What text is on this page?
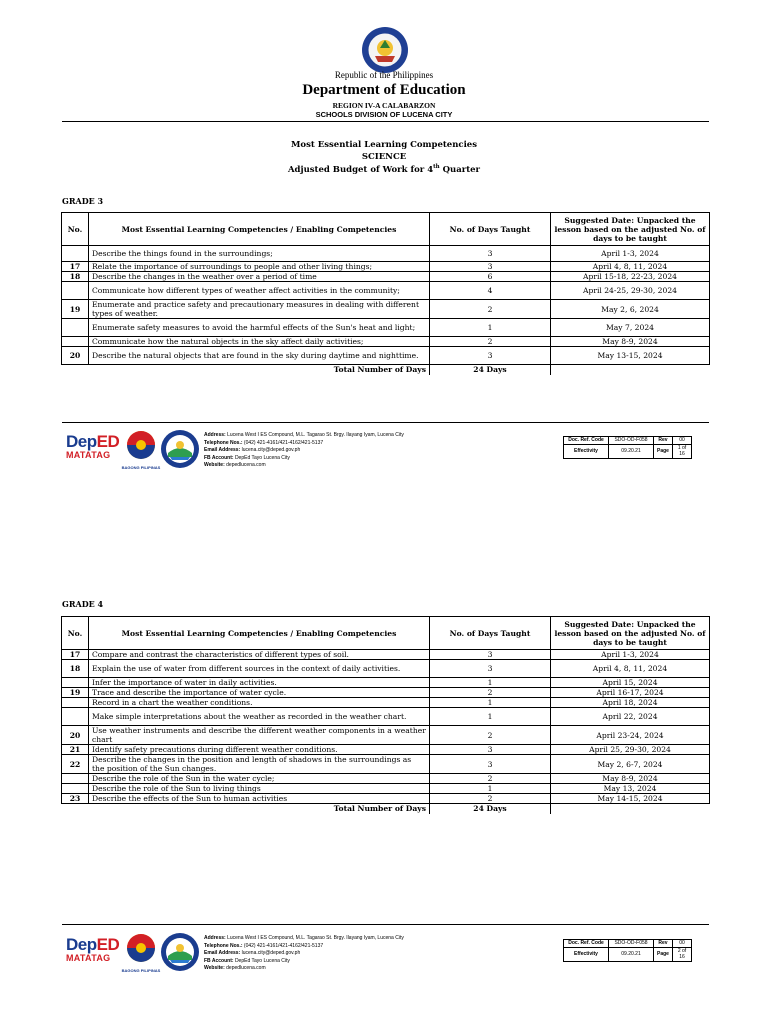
Republic of the Philippines
Department of Education
REGION IV-A CALABARZON
SCHOOLS DIVISION OF LUCENA CITY
Most Essential Learning Competencies
SCIENCE
Adjusted Budget of Work for 4th Quarter
GRADE 3
No.	Most Essential Learning Competencies / Enabling Competencies	No. of Days Taught	Suggested Date: Unpacked the lesson based on the adjusted No. of days to be taught
	Describe the things found in the surroundings;	3	April 1-3, 2024
17	Relate the importance of surroundings to people and other living things;	3	April 4, 8, 11, 2024
18	Describe the changes in the weather over a period of time	6	April 15-18, 22-23, 2024
	Communicate how different types of weather affect activities in the community;	4	April 24-25, 29-30, 2024
19	Enumerate and practice safety and precautionary measures in dealing with different types of weather.	2	May 2, 6, 2024
	Enumerate safety measures to avoid the harmful effects of the Sun's heat and light;	1	May 7, 2024
	Communicate how the natural objects in the sky affect daily activities;	2	May 8-9, 2024
20	Describe the natural objects that are found in the sky during daytime and nighttime.	3	May 13-15, 2024
	Total Number of Days	24 Days	
DepED
MATATAG
BAGONG PILIPINAS
Address: Lucena West I ES Compound, M.L. Tagarao St. Brgy. Ilayang Iyam, Lucena City
Telephone Nos.: (042) 421-4161/421-4162/421-5137
Email Address: lucena.city@deped.gov.ph
FB Account: DepEd Tayo Lucena City
Website: depedlucena.com
Doc. Ref. Code	SDO-OD-F058	Rev	00
Effectivity	09.20.21	Page	1 of 16
GRADE 4
No.	Most Essential Learning Competencies / Enabling Competencies	No. of Days Taught	Suggested Date: Unpacked the lesson based on the adjusted No. of days to be taught
17	Compare and contrast the characteristics of different types of soil.	3	April 1-3, 2024
18	Explain the use of water from different sources in the context of daily activities.	3	April 4, 8, 11, 2024
	Infer the importance of water in daily activities.	1	April 15, 2024
19	Trace and describe the importance of water cycle.	2	April 16-17, 2024
	Record in a chart the weather conditions.	1	April 18, 2024
	Make simple interpretations about the weather as recorded in the weather chart.	1	April 22, 2024
20	Use weather instruments and describe the different weather components in a weather chart	2	April 23-24, 2024
21	Identify safety precautions during different weather conditions.	3	April 25, 29-30, 2024
22	Describe the changes in the position and length of shadows in the surroundings as the position of the Sun changes.	3	May 2, 6-7, 2024
	Describe the role of the Sun in the water cycle;	2	May 8-9, 2024
	Describe the role of the Sun to living things	1	May 13, 2024
23	Describe the effects of the Sun to human activities	2	May 14-15, 2024
	Total Number of Days	24 Days	
DepED
MATATAG
BAGONG PILIPINAS
Address: Lucena West I ES Compound, M.L. Tagarao St. Brgy. Ilayang Iyam, Lucena City
Telephone Nos.: (042) 421-4161/421-4162/421-5137
Email Address: lucena.city@deped.gov.ph
FB Account: DepEd Tayo Lucena City
Website: depedlucena.com
Doc. Ref. Code	SDO-OD-F058	Rev	00
Effectivity	09.20.21	Page	2 of 16
